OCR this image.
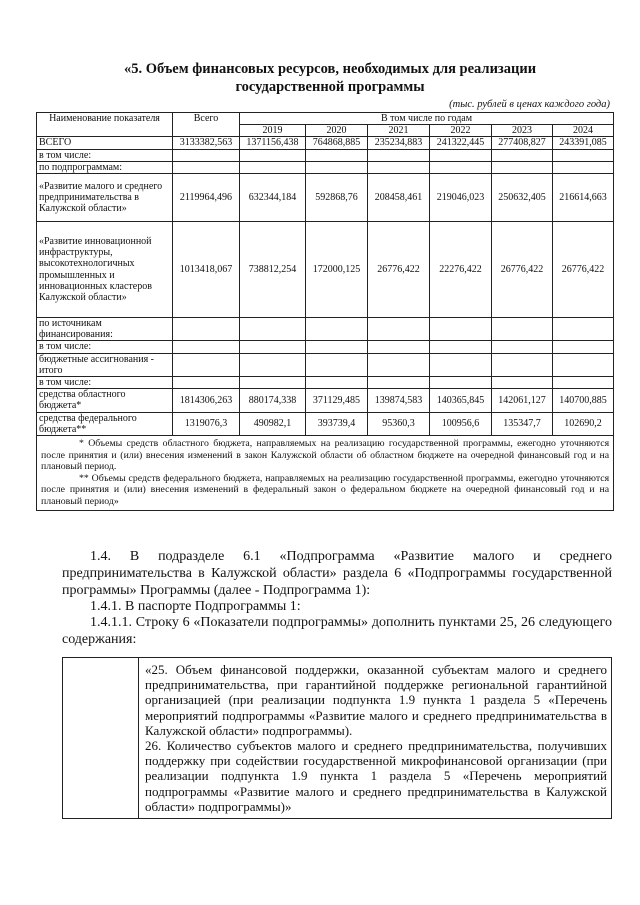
«5. Объем финансовых ресурсов, необходимых для реализации
государственной программы
(тыс. рублей в ценах каждого года)
Наименование показателя	Всего	В том числе по годам					
		2019	2020	2021	2022	2023	2024
ВСЕГО	3133382,563	1371156,438	764868,885	235234,883	241322,445	277408,827	243391,085
в том числе:							
по подпрограммам:							
«Развитие малого и среднего предпринимательства в Калужской области»	2119964,496	632344,184	592868,76	208458,461	219046,023	250632,405	216614,663
«Развитие инновационной инфраструктуры, высокотехнологичных промышленных и инновационных кластеров Калужской области»	1013418,067	738812,254	172000,125	26776,422	22276,422	26776,422	26776,422
по источникам финансирования:							
в том числе:							
бюджетные ассигнования - итого							
в том числе:							
средства областного бюджета*	1814306,263	880174,338	371129,485	139874,583	140365,845	142061,127	140700,885
средства федерального бюджета**	1319076,3	490982,1	393739,4	95360,3	100956,6	135347,7	102690,2

* Объемы средств областного бюджета, направляемых на реализацию государственной программы, ежегодно уточняются после принятия и (или) внесения изменений в закон Калужской области об областном бюджете на очередной финансовый год и на плановый период.

** Объемы средств федерального бюджета, направляемых на реализацию государственной программы, ежегодно уточняются после принятия и (или) внесения изменений в федеральный закон о федеральном бюджете на очередной финансовый год и на плановый период»							

1.4. В подразделе 6.1 «Подпрограмма «Развитие малого и среднего предпринимательства в Калужской области» раздела 6 «Подпрограммы государственной программы» Программы (далее - Подпрограмма 1):
1.4.1. В паспорте Подпрограммы 1:
1.4.1.1. Строку 6 «Показатели подпрограммы» дополнить пунктами 25, 26 следующего содержания:

«25. Объем финансовой поддержки, оказанной субъектам малого и среднего предпринимательства, при гарантийной поддержке региональной гарантийной организацией (при реализации подпункта 1.9 пункта 1 раздела 5 «Перечень мероприятий подпрограммы «Развитие малого и среднего предпринимательства в Калужской области» подпрограммы).

26. Количество субъектов малого и среднего предпринимательства, получивших поддержку при содействии государственной микрофинансовой организации (при реализации подпункта 1.9 пункта 1 раздела 5 «Перечень мероприятий подпрограммы «Развитие малого и среднего предпринимательства в Калужской области» подпрограммы)»
